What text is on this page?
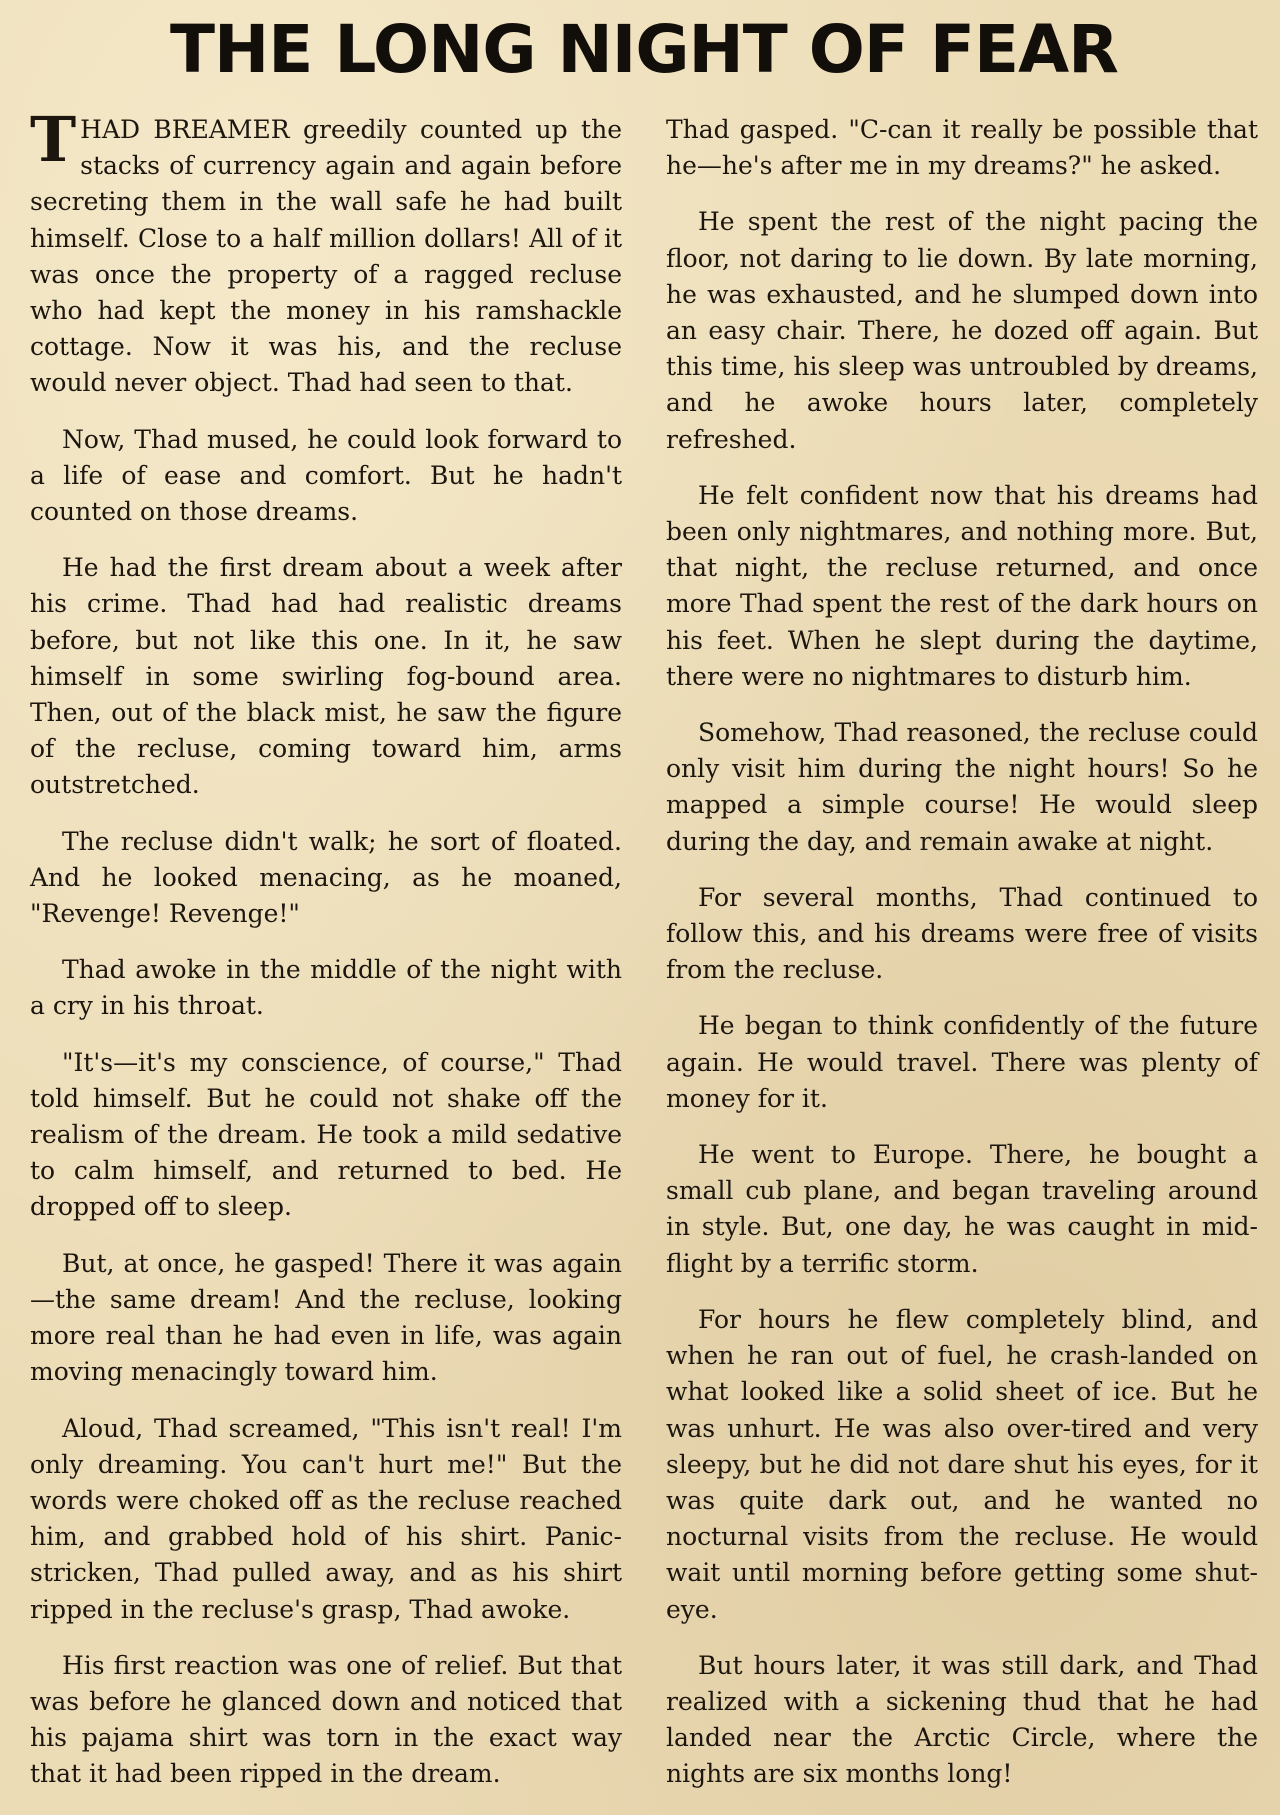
THE LONG NIGHT OF FEAR

THAD BREAMER greedily counted up the stacks of currency again and again before secreting them in the wall safe he had built himself. Close to a half million dollars! All of it was once the property of a ragged recluse who had kept the money in his ramshackle cottage. Now it was his, and the recluse would never object. Thad had seen to that.

Now, Thad mused, he could look forward to a life of ease and comfort. But he hadn't counted on those dreams.

He had the first dream about a week after his crime. Thad had had realistic dreams before, but not like this one. In it, he saw himself in some swirling fog-bound area. Then, out of the black mist, he saw the figure of the recluse, coming toward him, arms outstretched.

The recluse didn't walk; he sort of floated. And he looked menacing, as he moaned, "Revenge! Revenge!"

Thad awoke in the middle of the night with a cry in his throat.

"It's—it's my conscience, of course," Thad told himself. But he could not shake off the realism of the dream. He took a mild sedative to calm himself, and returned to bed. He dropped off to sleep.

But, at once, he gasped! There it was again —the same dream! And the recluse, looking more real than he had even in life, was again moving menacingly toward him.

Aloud, Thad screamed, "This isn't real! I'm only dreaming. You can't hurt me!" But the words were choked off as the recluse reached him, and grabbed hold of his shirt. Panic-stricken, Thad pulled away, and as his shirt ripped in the recluse's grasp, Thad awoke.

His first reaction was one of relief. But that was before he glanced down and noticed that his pajama shirt was torn in the exact way that it had been ripped in the dream.

Thad gasped. "C-can it really be possible that he—he's after me in my dreams?" he asked.

He spent the rest of the night pacing the floor, not daring to lie down. By late morning, he was exhausted, and he slumped down into an easy chair. There, he dozed off again. But this time, his sleep was untroubled by dreams, and he awoke hours later, completely refreshed.

He felt confident now that his dreams had been only nightmares, and nothing more. But, that night, the recluse returned, and once more Thad spent the rest of the dark hours on his feet. When he slept during the daytime, there were no nightmares to disturb him.

Somehow, Thad reasoned, the recluse could only visit him during the night hours! So he mapped a simple course! He would sleep during the day, and remain awake at night.

For several months, Thad continued to follow this, and his dreams were free of visits from the recluse.

He began to think confidently of the future again. He would travel. There was plenty of money for it.

He went to Europe. There, he bought a small cub plane, and began traveling around in style. But, one day, he was caught in mid-flight by a terrific storm.

For hours he flew completely blind, and when he ran out of fuel, he crash-landed on what looked like a solid sheet of ice. But he was unhurt. He was also over-tired and very sleepy, but he did not dare shut his eyes, for it was quite dark out, and he wanted no nocturnal visits from the recluse. He would wait until morning before getting some shut-eye.

But hours later, it was still dark, and Thad realized with a sickening thud that he had landed near the Arctic Circle, where the nights are six months long!
